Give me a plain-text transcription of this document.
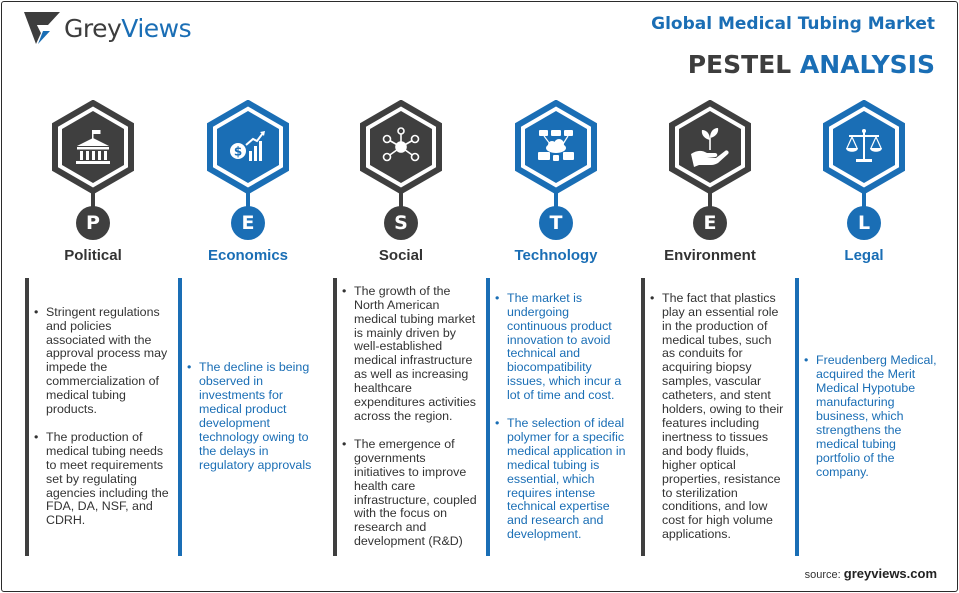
GreyViews	Global Medical Tubing Market
PESTEL ANALYSIS
P
Political
• Stringent regulations and policies associated with the approval process may impede the commercialization of medical tubing products.
• The production of medical tubing needs to meet requirements set by regulating agencies including the FDA, DA, NSF, and CDRH.
$
E
Economics
• The decline is being observed in investments for medical product development technology owing to the delays in regulatory approvals
S
Social
• The growth of the North American medical tubing market is mainly driven by well-established medical infrastructure as well as increasing healthcare expenditures activities across the region.
• The emergence of governments initiatives to improve health care infrastructure, coupled with the focus on research and development (R&D)
T
Technology
• The market is undergoing continuous product innovation to avoid technical and biocompatibility issues, which incur a lot of time and cost.
• The selection of ideal polymer for a specific medical application in medical tubing is essential, which requires intense technical expertise and research and development.
E
Environment
• The fact that plastics play an essential role in the production of medical tubes, such as conduits for acquiring biopsy samples, vascular catheters, and stent holders, owing to their features including inertness to tissues and body fluids, higher optical properties, resistance to sterilization conditions, and low cost for high volume applications.
L
Legal
• Freudenberg Medical, acquired the Merit Medical Hypotube manufacturing business, which strengthens the medical tubing portfolio of the company.
source: greyviews.com
